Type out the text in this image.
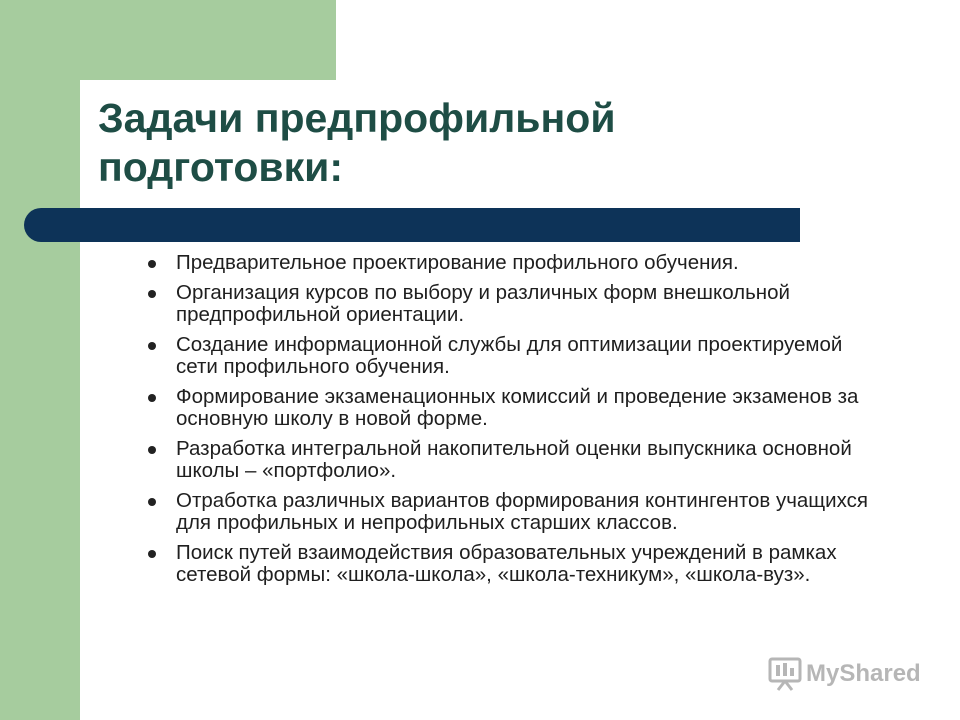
Задачи предпрофильной
подготовки:
Предварительное проектирование профильного обучения.
Организация курсов по выбору и различных форм внешкольной предпрофильной ориентации.
Создание информационной службы для оптимизации проектируемой сети профильного обучения.
Формирование экзаменационных комиссий и проведение экзаменов за основную школу в новой форме.
Разработка интегральной накопительной оценки выпускника основной школы – «портфолио».
Отработка различных вариантов формирования контингентов учащихся для профильных и непрофильных старших классов.
Поиск путей взаимодействия образовательных учреждений в рамках сетевой формы: «школа-школа», «школа-техникум», «школа-вуз».
MyShared
